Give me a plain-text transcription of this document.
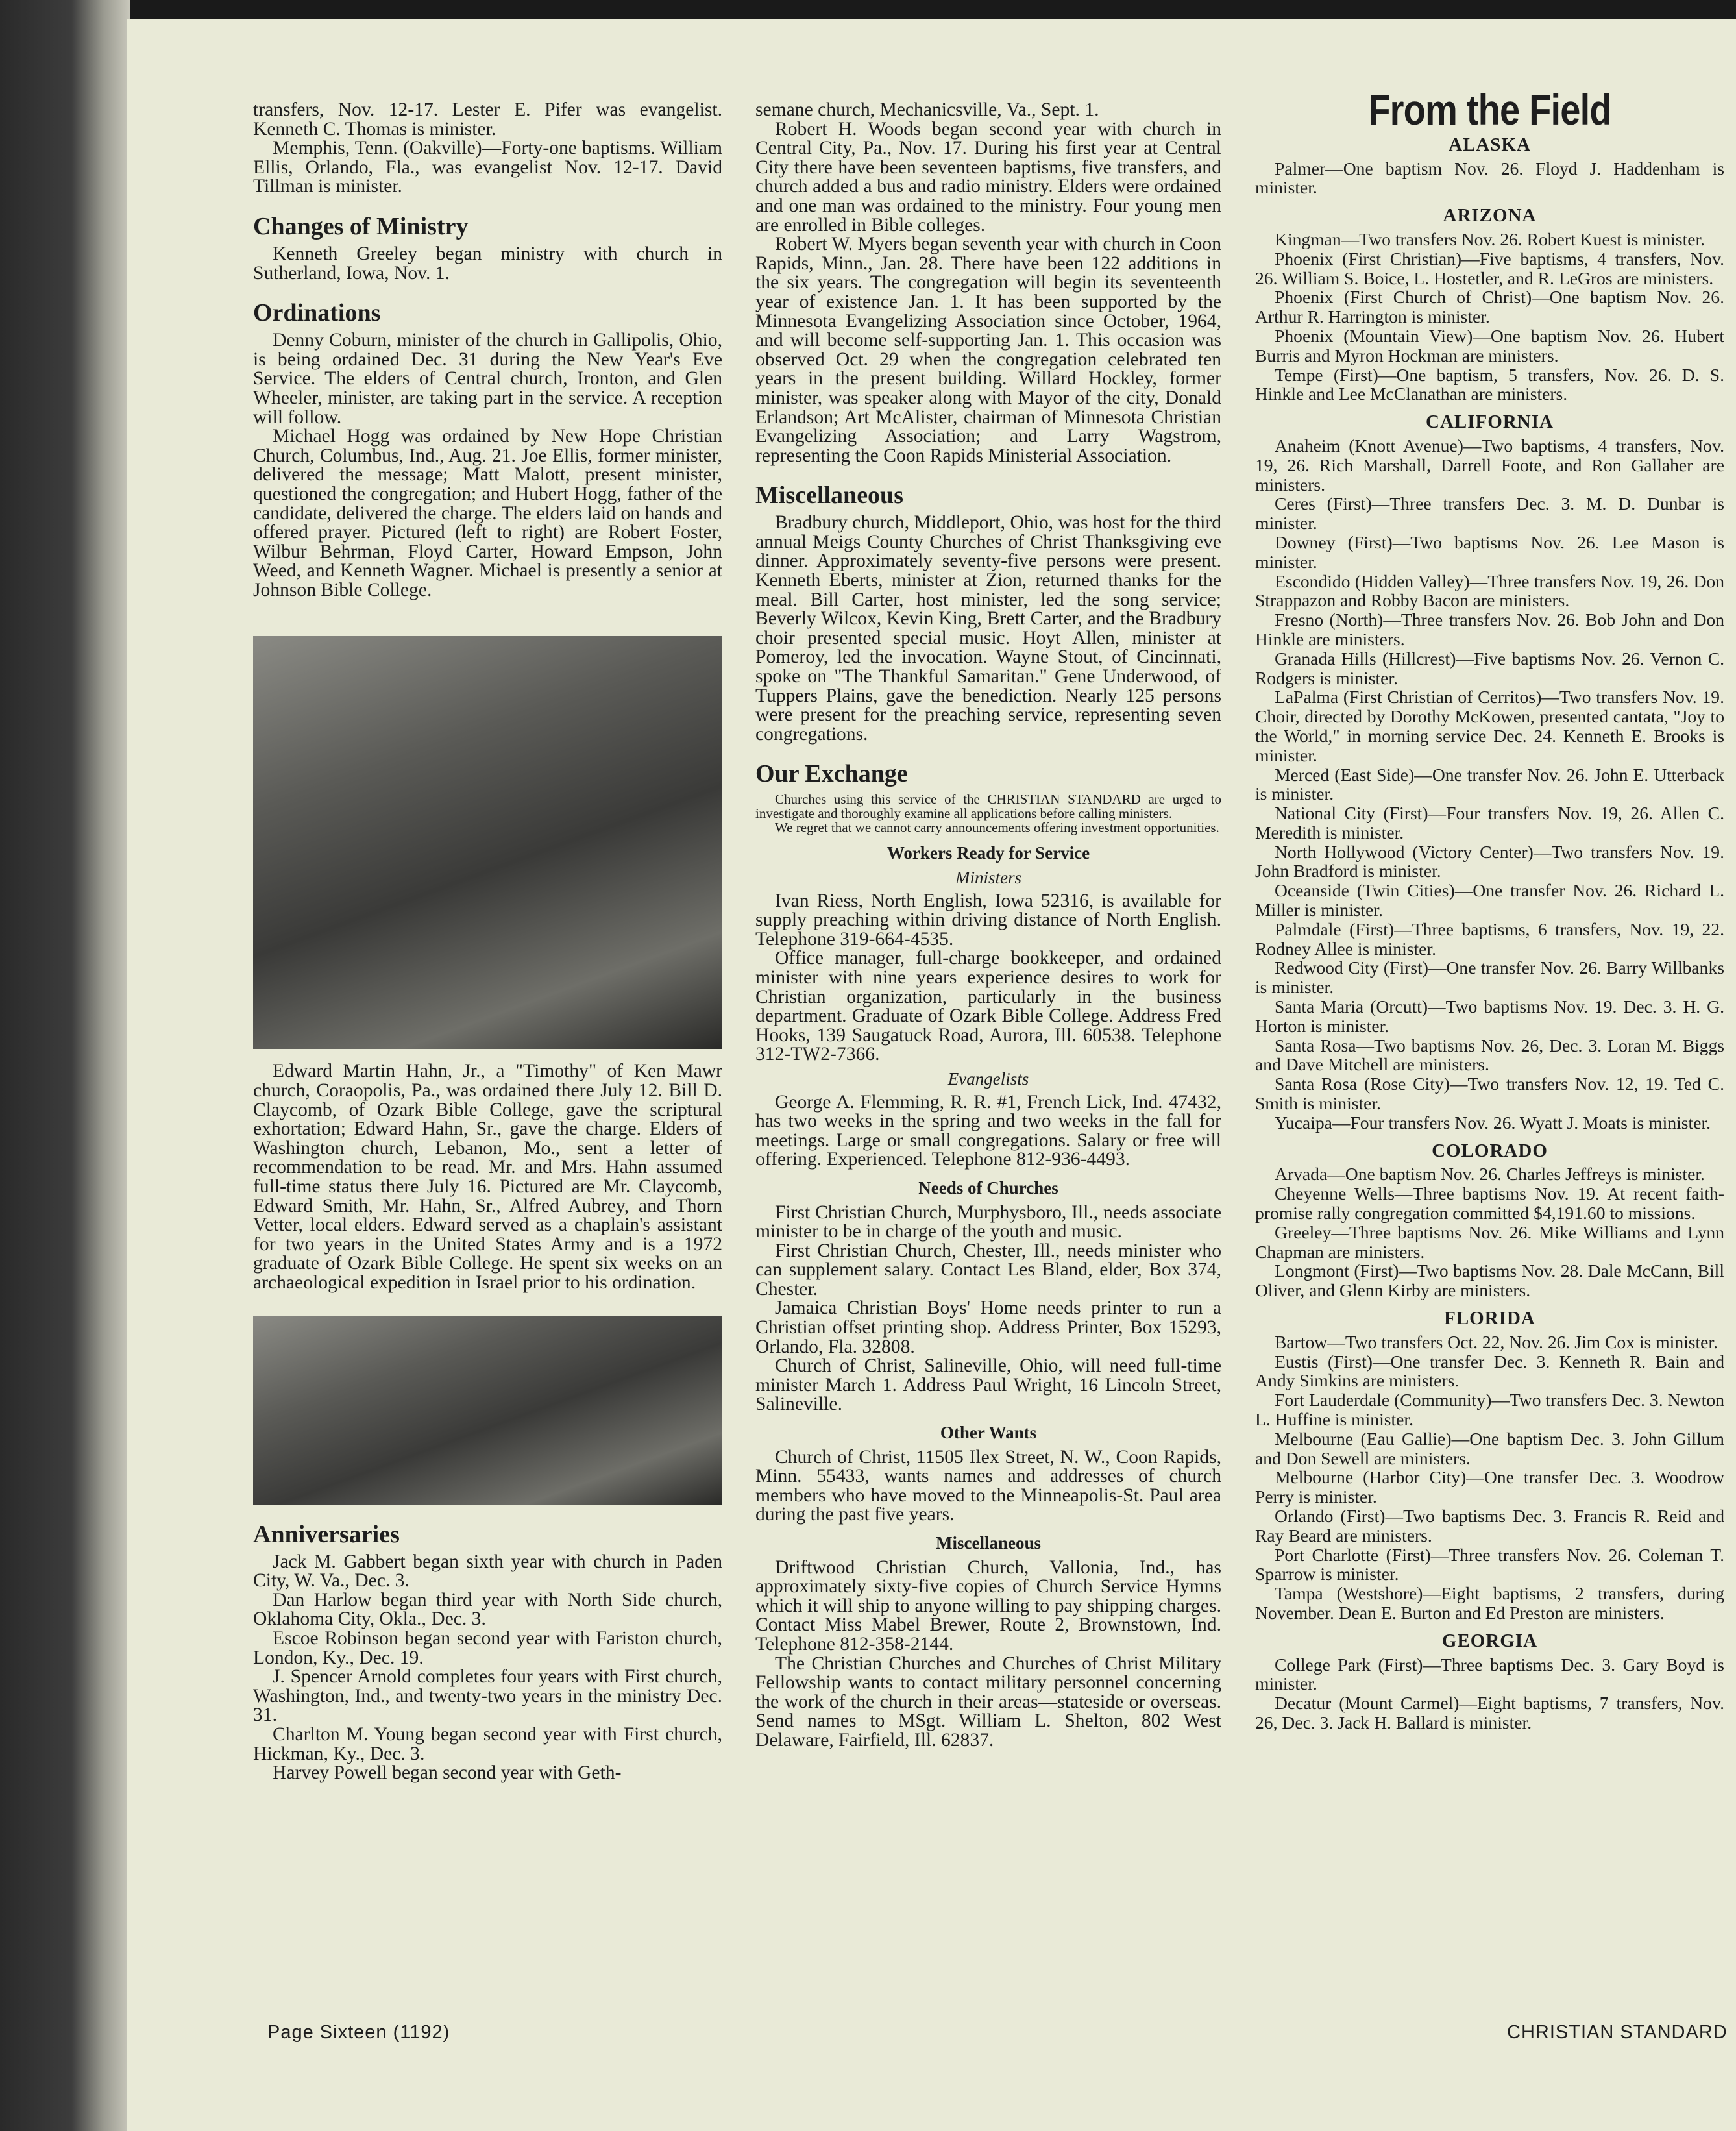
transfers, Nov. 12-17. Lester E. Pifer was evangelist. Kenneth C. Thomas is minister.

Memphis, Tenn. (Oakville)—Forty-one baptisms. William Ellis, Orlando, Fla., was evangelist Nov. 12-17. David Tillman is minister.

Changes of Ministry

Kenneth Greeley began ministry with church in Sutherland, Iowa, Nov. 1.

Ordinations

Denny Coburn, minister of the church in Gallipolis, Ohio, is being ordained Dec. 31 during the New Year's Eve Service. The elders of Central church, Ironton, and Glen Wheeler, minister, are taking part in the service. A reception will follow.

Michael Hogg was ordained by New Hope Christian Church, Columbus, Ind., Aug. 21. Joe Ellis, former minister, delivered the message; Matt Malott, present minister, questioned the congregation; and Hubert Hogg, father of the candidate, delivered the charge. The elders laid on hands and offered prayer. Pictured (left to right) are Robert Foster, Wilbur Behrman, Floyd Carter, Howard Empson, John Weed, and Kenneth Wagner. Michael is presently a senior at Johnson Bible College.

Edward Martin Hahn, Jr., a "Timothy" of Ken Mawr church, Coraopolis, Pa., was ordained there July 12. Bill D. Claycomb, of Ozark Bible College, gave the scriptural exhortation; Edward Hahn, Sr., gave the charge. Elders of Washington church, Lebanon, Mo., sent a letter of recommendation to be read. Mr. and Mrs. Hahn assumed full-time status there July 16. Pictured are Mr. Claycomb, Edward Smith, Mr. Hahn, Sr., Alfred Aubrey, and Thorn Vetter, local elders. Edward served as a chaplain's assistant for two years in the United States Army and is a 1972 graduate of Ozark Bible College. He spent six weeks on an archaeological expedition in Israel prior to his ordination.

Anniversaries

Jack M. Gabbert began sixth year with church in Paden City, W. Va., Dec. 3.

Dan Harlow began third year with North Side church, Oklahoma City, Okla., Dec. 3.

Escoe Robinson began second year with Fariston church, London, Ky., Dec. 19.

J. Spencer Arnold completes four years with First church, Washington, Ind., and twenty-two years in the ministry Dec. 31.

Charlton M. Young began second year with First church, Hickman, Ky., Dec. 3.

Harvey Powell began second year with Geth-

semane church, Mechanicsville, Va., Sept. 1.

Robert H. Woods began second year with church in Central City, Pa., Nov. 17. During his first year at Central City there have been seventeen baptisms, five transfers, and church added a bus and radio ministry. Elders were ordained and one man was ordained to the ministry. Four young men are enrolled in Bible colleges.

Robert W. Myers began seventh year with church in Coon Rapids, Minn., Jan. 28. There have been 122 additions in the six years. The congregation will begin its seventeenth year of existence Jan. 1. It has been supported by the Minnesota Evangelizing Association since October, 1964, and will become self-supporting Jan. 1. This occasion was observed Oct. 29 when the congregation celebrated ten years in the present building. Willard Hockley, former minister, was speaker along with Mayor of the city, Donald Erlandson; Art McAlister, chairman of Minnesota Christian Evangelizing Association; and Larry Wagstrom, representing the Coon Rapids Ministerial Association.

Miscellaneous

Bradbury church, Middleport, Ohio, was host for the third annual Meigs County Churches of Christ Thanksgiving eve dinner. Approximately seventy-five persons were present. Kenneth Eberts, minister at Zion, returned thanks for the meal. Bill Carter, host minister, led the song service; Beverly Wilcox, Kevin King, Brett Carter, and the Bradbury choir presented special music. Hoyt Allen, minister at Pomeroy, led the invocation. Wayne Stout, of Cincinnati, spoke on "The Thankful Samaritan." Gene Underwood, of Tuppers Plains, gave the benediction. Nearly 125 persons were present for the preaching service, representing seven congregations.

Our Exchange

Churches using this service of the CHRISTIAN STANDARD are urged to investigate and thoroughly examine all applications before calling ministers.

We regret that we cannot carry announcements offering investment opportunities.

Workers Ready for Service
Ministers

Ivan Riess, North English, Iowa 52316, is available for supply preaching within driving distance of North English. Telephone 319-664-4535.

Office manager, full-charge bookkeeper, and ordained minister with nine years experience desires to work for Christian organization, particularly in the business department. Graduate of Ozark Bible College. Address Fred Hooks, 139 Saugatuck Road, Aurora, Ill. 60538. Telephone 312-TW2-7366.

Evangelists

George A. Flemming, R. R. #1, French Lick, Ind. 47432, has two weeks in the spring and two weeks in the fall for meetings. Large or small congregations. Salary or free will offering. Experienced. Telephone 812-936-4493.

Needs of Churches

First Christian Church, Murphysboro, Ill., needs associate minister to be in charge of the youth and music.

First Christian Church, Chester, Ill., needs minister who can supplement salary. Contact Les Bland, elder, Box 374, Chester.

Jamaica Christian Boys' Home needs printer to run a Christian offset printing shop. Address Printer, Box 15293, Orlando, Fla. 32808.

Church of Christ, Salineville, Ohio, will need full-time minister March 1. Address Paul Wright, 16 Lincoln Street, Salineville.

Other Wants

Church of Christ, 11505 Ilex Street, N. W., Coon Rapids, Minn. 55433, wants names and addresses of church members who have moved to the Minneapolis-St. Paul area during the past five years.

Miscellaneous

Driftwood Christian Church, Vallonia, Ind., has approximately sixty-five copies of Church Service Hymns which it will ship to anyone willing to pay shipping charges. Contact Miss Mabel Brewer, Route 2, Brownstown, Ind. Telephone 812-358-2144.

The Christian Churches and Churches of Christ Military Fellowship wants to contact military personnel concerning the work of the church in their areas—stateside or overseas. Send names to MSgt. William L. Shelton, 802 West Delaware, Fairfield, Ill. 62837.

From the Field
ALASKA

Palmer—One baptism Nov. 26. Floyd J. Haddenham is minister.

ARIZONA

Kingman—Two transfers Nov. 26. Robert Kuest is minister.

Phoenix (First Christian)—Five baptisms, 4 transfers, Nov. 26. William S. Boice, L. Hostetler, and R. LeGros are ministers.

Phoenix (First Church of Christ)—One baptism Nov. 26. Arthur R. Harrington is minister.

Phoenix (Mountain View)—One baptism Nov. 26. Hubert Burris and Myron Hockman are ministers.

Tempe (First)—One baptism, 5 transfers, Nov. 26. D. S. Hinkle and Lee McClanathan are ministers.

CALIFORNIA

Anaheim (Knott Avenue)—Two baptisms, 4 transfers, Nov. 19, 26. Rich Marshall, Darrell Foote, and Ron Gallaher are ministers.

Ceres (First)—Three transfers Dec. 3. M. D. Dunbar is minister.

Downey (First)—Two baptisms Nov. 26. Lee Mason is minister.

Escondido (Hidden Valley)—Three transfers Nov. 19, 26. Don Strappazon and Robby Bacon are ministers.

Fresno (North)—Three transfers Nov. 26. Bob John and Don Hinkle are ministers.

Granada Hills (Hillcrest)—Five baptisms Nov. 26. Vernon C. Rodgers is minister.

LaPalma (First Christian of Cerritos)—Two transfers Nov. 19. Choir, directed by Dorothy McKowen, presented cantata, "Joy to the World," in morning service Dec. 24. Kenneth E. Brooks is minister.

Merced (East Side)—One transfer Nov. 26. John E. Utterback is minister.

National City (First)—Four transfers Nov. 19, 26. Allen C. Meredith is minister.

North Hollywood (Victory Center)—Two transfers Nov. 19. John Bradford is minister.

Oceanside (Twin Cities)—One transfer Nov. 26. Richard L. Miller is minister.

Palmdale (First)—Three baptisms, 6 transfers, Nov. 19, 22. Rodney Allee is minister.

Redwood City (First)—One transfer Nov. 26. Barry Willbanks is minister.

Santa Maria (Orcutt)—Two baptisms Nov. 19. Dec. 3. H. G. Horton is minister.

Santa Rosa—Two baptisms Nov. 26, Dec. 3. Loran M. Biggs and Dave Mitchell are ministers.

Santa Rosa (Rose City)—Two transfers Nov. 12, 19. Ted C. Smith is minister.

Yucaipa—Four transfers Nov. 26. Wyatt J. Moats is minister.

COLORADO

Arvada—One baptism Nov. 26. Charles Jeffreys is minister.

Cheyenne Wells—Three baptisms Nov. 19. At recent faith-promise rally congregation committed $4,191.60 to missions.

Greeley—Three baptisms Nov. 26. Mike Williams and Lynn Chapman are ministers.

Longmont (First)—Two baptisms Nov. 28. Dale McCann, Bill Oliver, and Glenn Kirby are ministers.

FLORIDA

Bartow—Two transfers Oct. 22, Nov. 26. Jim Cox is minister.

Eustis (First)—One transfer Dec. 3. Kenneth R. Bain and Andy Simkins are ministers.

Fort Lauderdale (Community)—Two transfers Dec. 3. Newton L. Huffine is minister.

Melbourne (Eau Gallie)—One baptism Dec. 3. John Gillum and Don Sewell are ministers.

Melbourne (Harbor City)—One transfer Dec. 3. Woodrow Perry is minister.

Orlando (First)—Two baptisms Dec. 3. Francis R. Reid and Ray Beard are ministers.

Port Charlotte (First)—Three transfers Nov. 26. Coleman T. Sparrow is minister.

Tampa (Westshore)—Eight baptisms, 2 transfers, during November. Dean E. Burton and Ed Preston are ministers.

GEORGIA

College Park (First)—Three baptisms Dec. 3. Gary Boyd is minister.

Decatur (Mount Carmel)—Eight baptisms, 7 transfers, Nov. 26, Dec. 3. Jack H. Ballard is minister.

Page Sixteen (1192)	CHRISTIAN STANDARD
